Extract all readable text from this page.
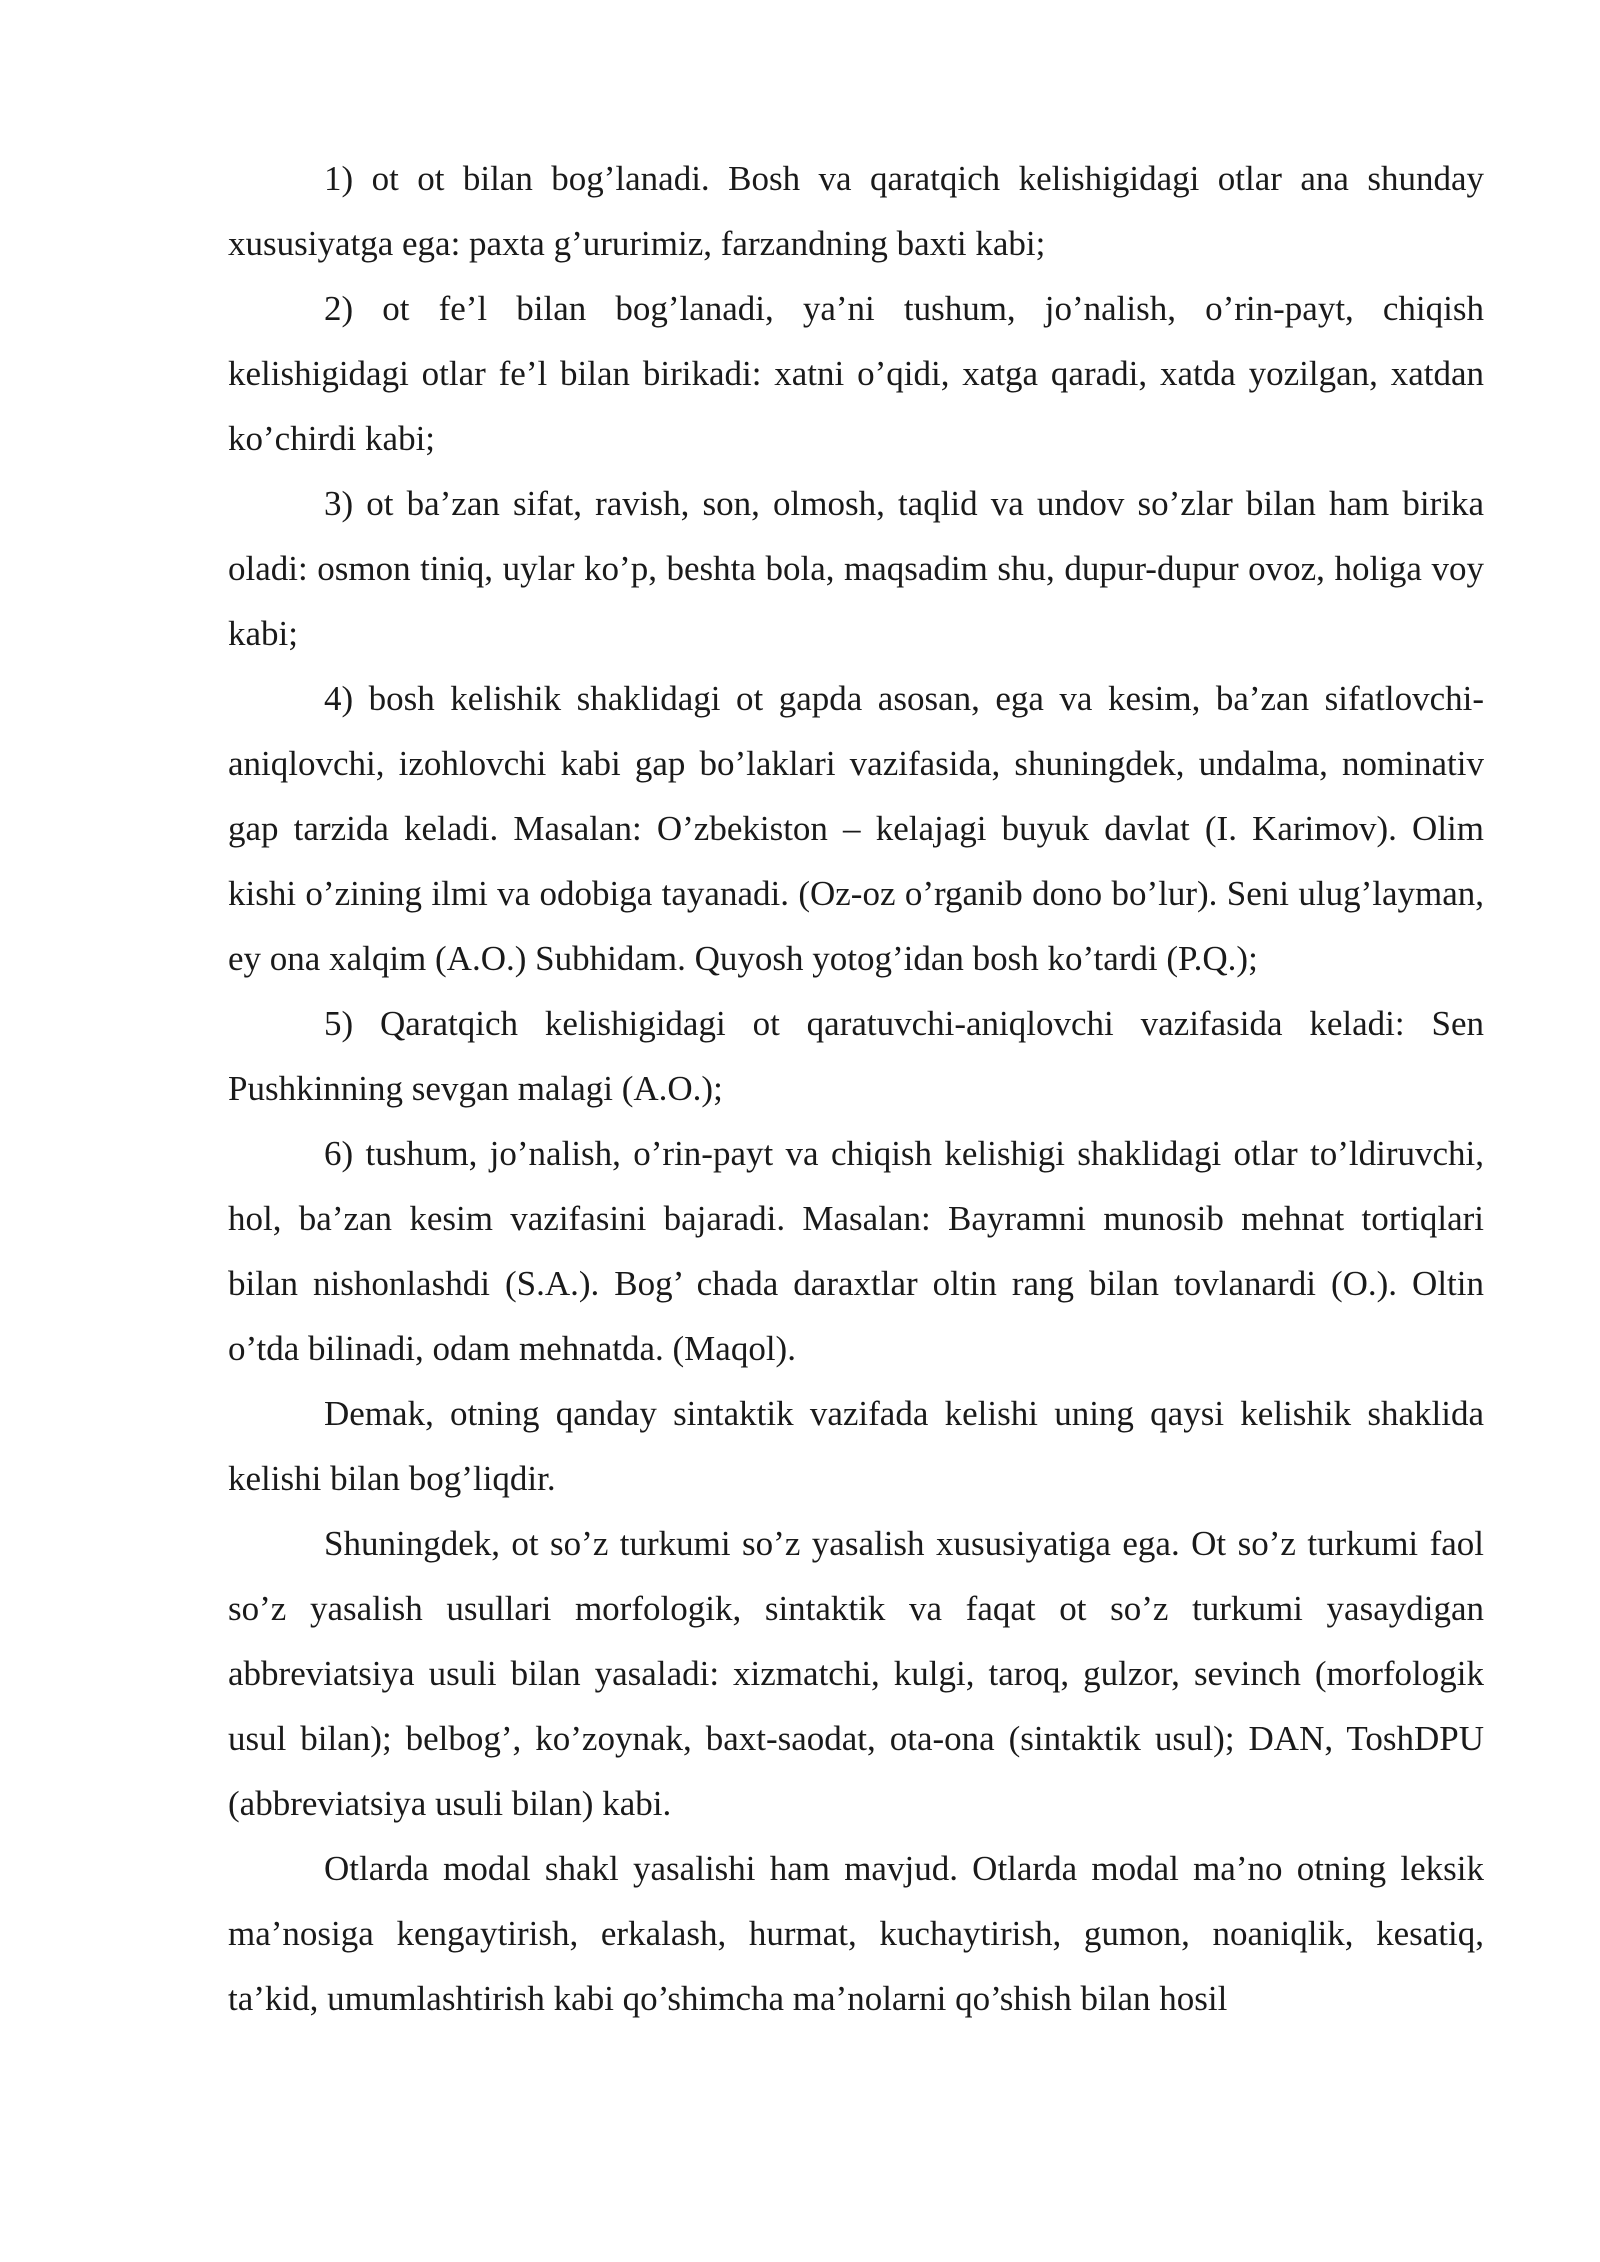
1) ot ot bilan bog’lanadi. Bosh va qaratqich kelishigidagi otlar ana shunday xususiyatga ega: paxta g’ururimiz, farzandning baxti kabi;

2) ot fe’l bilan bog’lanadi, ya’ni tushum, jo’nalish, o’rin-payt, chiqish kelishigidagi otlar fe’l bilan birikadi: xatni o’qidi, xatga qaradi, xatda yozilgan, xatdan ko’chirdi kabi;

3) ot ba’zan sifat, ravish, son, olmosh, taqlid va undov so’zlar bilan ham birika oladi: osmon tiniq, uylar ko’p, beshta bola, maqsadim shu, dupur-dupur ovoz, holiga voy kabi;

4) bosh kelishik shaklidagi ot gapda asosan, ega va kesim, ba’zan sifatlovchi-aniqlovchi, izohlovchi kabi gap bo’laklari vazifasida, shuningdek, undalma, nominativ gap tarzida keladi. Masalan: O’zbekiston – kelajagi buyuk davlat (I. Karimov). Olim kishi o’zining ilmi va odobiga tayanadi. (Oz-oz o’rganib dono bo’lur). Seni ulug’layman, ey ona xalqim (A.O.) Subhidam. Quyosh yotog’idan bosh ko’tardi (P.Q.);

5) Qaratqich kelishigidagi ot qaratuvchi-aniqlovchi vazifasida keladi: Sen Pushkinning sevgan malagi (A.O.);

6) tushum, jo’nalish, o’rin-payt va chiqish kelishigi shaklidagi otlar to’ldiruvchi, hol, ba’zan kesim vazifasini bajaradi. Masalan: Bayramni munosib mehnat tortiqlari bilan nishonlashdi (S.A.). Bog’ chada daraxtlar oltin rang bilan tovlanardi (O.). Oltin o’tda bilinadi, odam mehnatda. (Maqol).

Demak, otning qanday sintaktik vazifada kelishi uning qaysi kelishik shaklida kelishi bilan bog’liqdir.

Shuningdek, ot so’z turkumi so’z yasalish xususiyatiga ega. Ot so’z turkumi faol so’z yasalish usullari morfologik, sintaktik va faqat ot so’z turkumi yasaydigan abbreviatsiya usuli bilan yasaladi: xizmatchi, kulgi, taroq, gulzor, sevinch (morfologik usul bilan); belbog’, ko’zoynak, baxt-saodat, ota-ona (sintaktik usul); DAN, ToshDPU (abbreviatsiya usuli bilan) kabi.

Otlarda modal shakl yasalishi ham mavjud. Otlarda modal ma’no otning leksik ma’nosiga kengaytirish, erkalash, hurmat, kuchaytirish, gumon, noaniqlik, kesatiq, ta’kid, umumlashtirish kabi qo’shimcha ma’nolarni qo’shish bilan hosil
